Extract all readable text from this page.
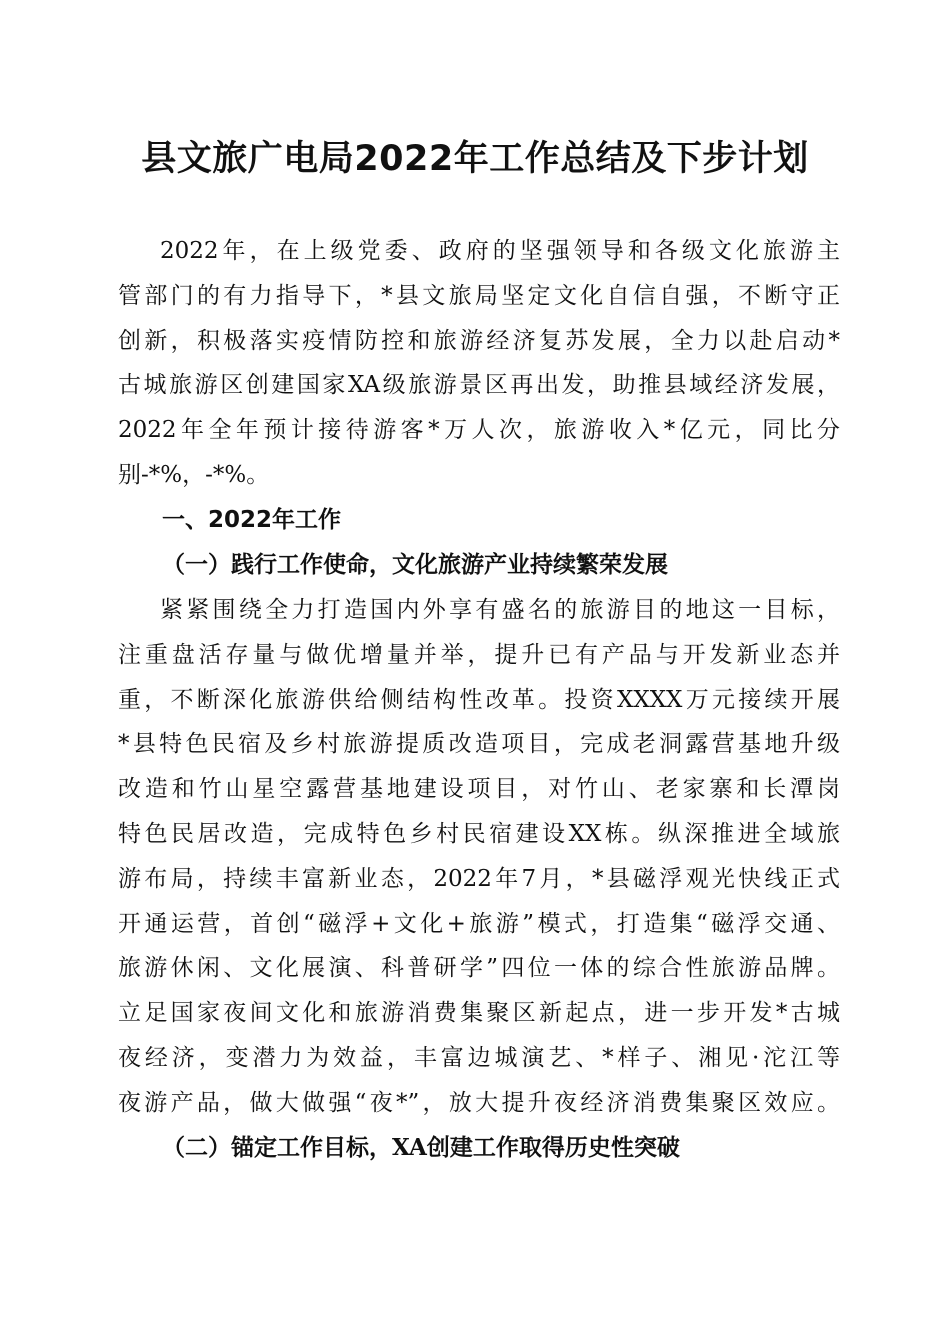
县文旅广电局2022年工作总结及下步计划
2022年，在上级党委、政府的坚强领导和各级文化旅游主
管部门的有力指导下，*县文旅局坚定文化自信自强，不断守正
创新，积极落实疫情防控和旅游经济复苏发展，全力以赴启动*
古城旅游区创建国家XA级旅游景区再出发，助推县域经济发展，
2022年全年预计接待游客*万人次，旅游收入*亿元，同比分
别-*%，-*%。
一、2022年工作
（一）践行工作使命，文化旅游产业持续繁荣发展
紧紧围绕全力打造国内外享有盛名的旅游目的地这一目标，
注重盘活存量与做优增量并举，提升已有产品与开发新业态并
重，不断深化旅游供给侧结构性改革。投资XXXX万元接续开展
*县特色民宿及乡村旅游提质改造项目，完成老洞露营基地升级
改造和竹山星空露营基地建设项目，对竹山、老家寨和长潭岗
特色民居改造，完成特色乡村民宿建设XX栋。纵深推进全域旅
游布局，持续丰富新业态，2022年7月，*县磁浮观光快线正式
开通运营，首创“磁浮+文化+旅游”模式，打造集“磁浮交通、
旅游休闲、文化展演、科普研学”四位一体的综合性旅游品牌。
立足国家夜间文化和旅游消费集聚区新起点，进一步开发*古城
夜经济，变潜力为效益，丰富边城演艺、*样子、湘见·沱江等
夜游产品，做大做强“夜*”，放大提升夜经济消费集聚区效应。
（二）锚定工作目标，XA创建工作取得历史性突破
